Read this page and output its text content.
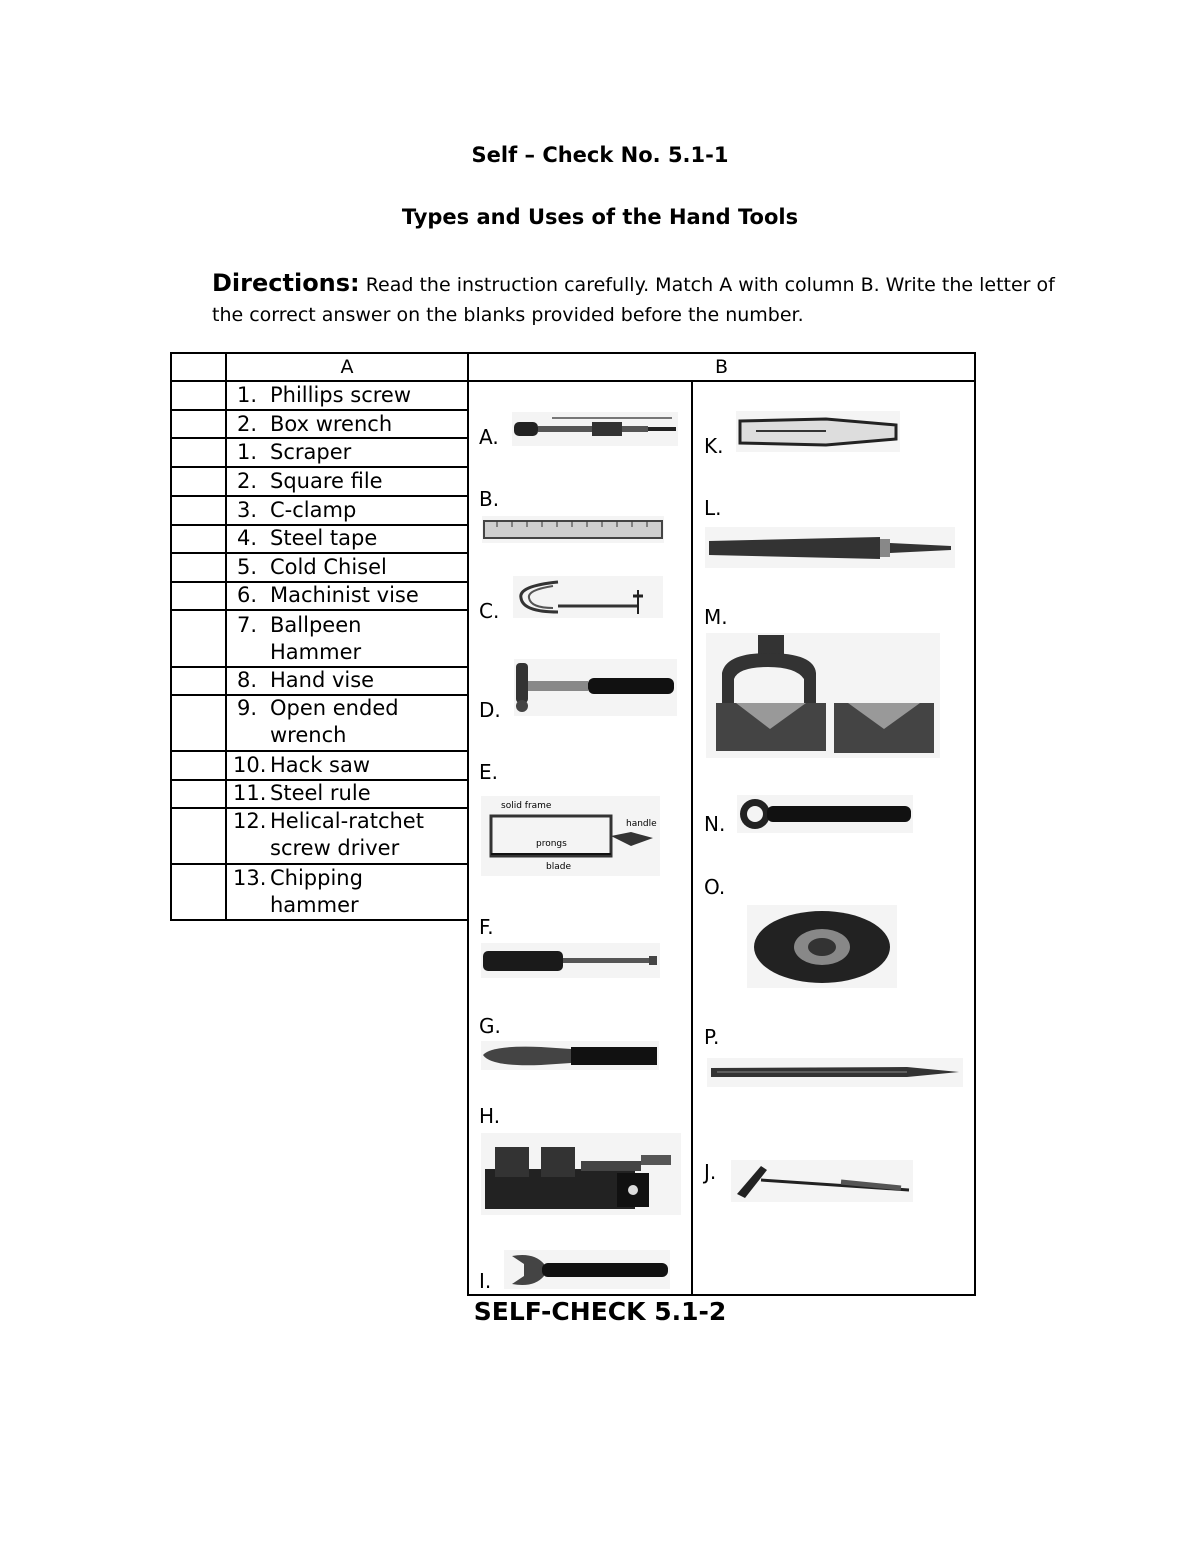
Self – Check No. 5.1-1
Types and Uses of the Hand Tools
Directions: Read the instruction carefully. Match A with column B. Write the letter of the correct answer on the blanks provided before the number.
A	B
1. Phillips screw
2. Box wrench
1. Scraper
2. Square file
3. C-clamp
4. Steel tape
5. Cold Chisel
6. Machinist vise
7. Ballpeen
Hammer
8. Hand vise
9. Open ended
wrench
10. Hack saw
11. Steel rule
12. Helical-ratchet
screw driver
13. Chipping
hammer
A.
B.
C.
D.
E.
F.
G.
H.
I.
K.
L.
M.
N.
O.
P.
J.
solid frame
handle
prongs
blade
SELF-CHECK 5.1-2
